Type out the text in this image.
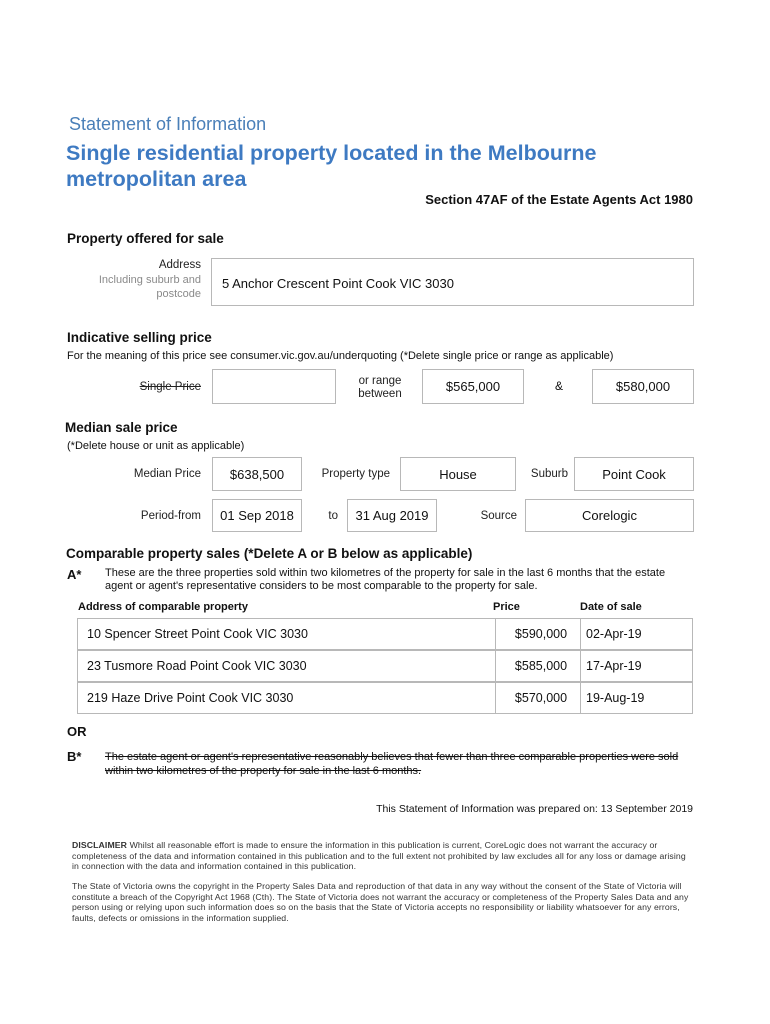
Statement of Information
Single residential property located in the Melbourne metropolitan area
Section 47AF of the Estate Agents Act 1980
Property offered for sale
Address
Including suburb and postcode
5 Anchor Crescent Point Cook VIC 3030
Indicative selling price
For the meaning of this price see consumer.vic.gov.au/underquoting (*Delete single price or range as applicable)
Single Price	or range between	$565,000	&	$580,000
Median sale price
(*Delete house or unit as applicable)
Median Price $638,500	Property type	House	Suburb	Point Cook
Period-from 01 Sep 2018	to 31 Aug 2019	Source	Corelogic
Comparable property sales (*Delete A or B below as applicable)
A* These are the three properties sold within two kilometres of the property for sale in the last 6 months that the estate agent or agent's representative considers to be most comparable to the property for sale.
Address of comparable property	Price	Date of sale
10 Spencer Street Point Cook VIC 3030	$590,000	02-Apr-19
23 Tusmore Road Point Cook VIC 3030	$585,000	17-Apr-19
219 Haze Drive Point Cook VIC 3030	$570,000	19-Aug-19
OR
B* The estate agent or agent's representative reasonably believes that fewer than three comparable properties were sold within two kilometres of the property for sale in the last 6 months.
This Statement of Information was prepared on: 13 September 2019
DISCLAIMER Whilst all reasonable effort is made to ensure the information in this publication is current, CoreLogic does not warrant the accuracy or completeness of the data and information contained in this publication and to the full extent not prohibited by law excludes all for any loss or damage arising in connection with the data and information contained in this publication.
The State of Victoria owns the copyright in the Property Sales Data and reproduction of that data in any way without the consent of the State of Victoria will constitute a breach of the Copyright Act 1968 (Cth). The State of Victoria does not warrant the accuracy or completeness of the Property Sales Data and any person using or relying upon such information does so on the basis that the State of Victoria accepts no responsibility or liability whatsoever for any errors, faults, defects or omissions in the information supplied.
